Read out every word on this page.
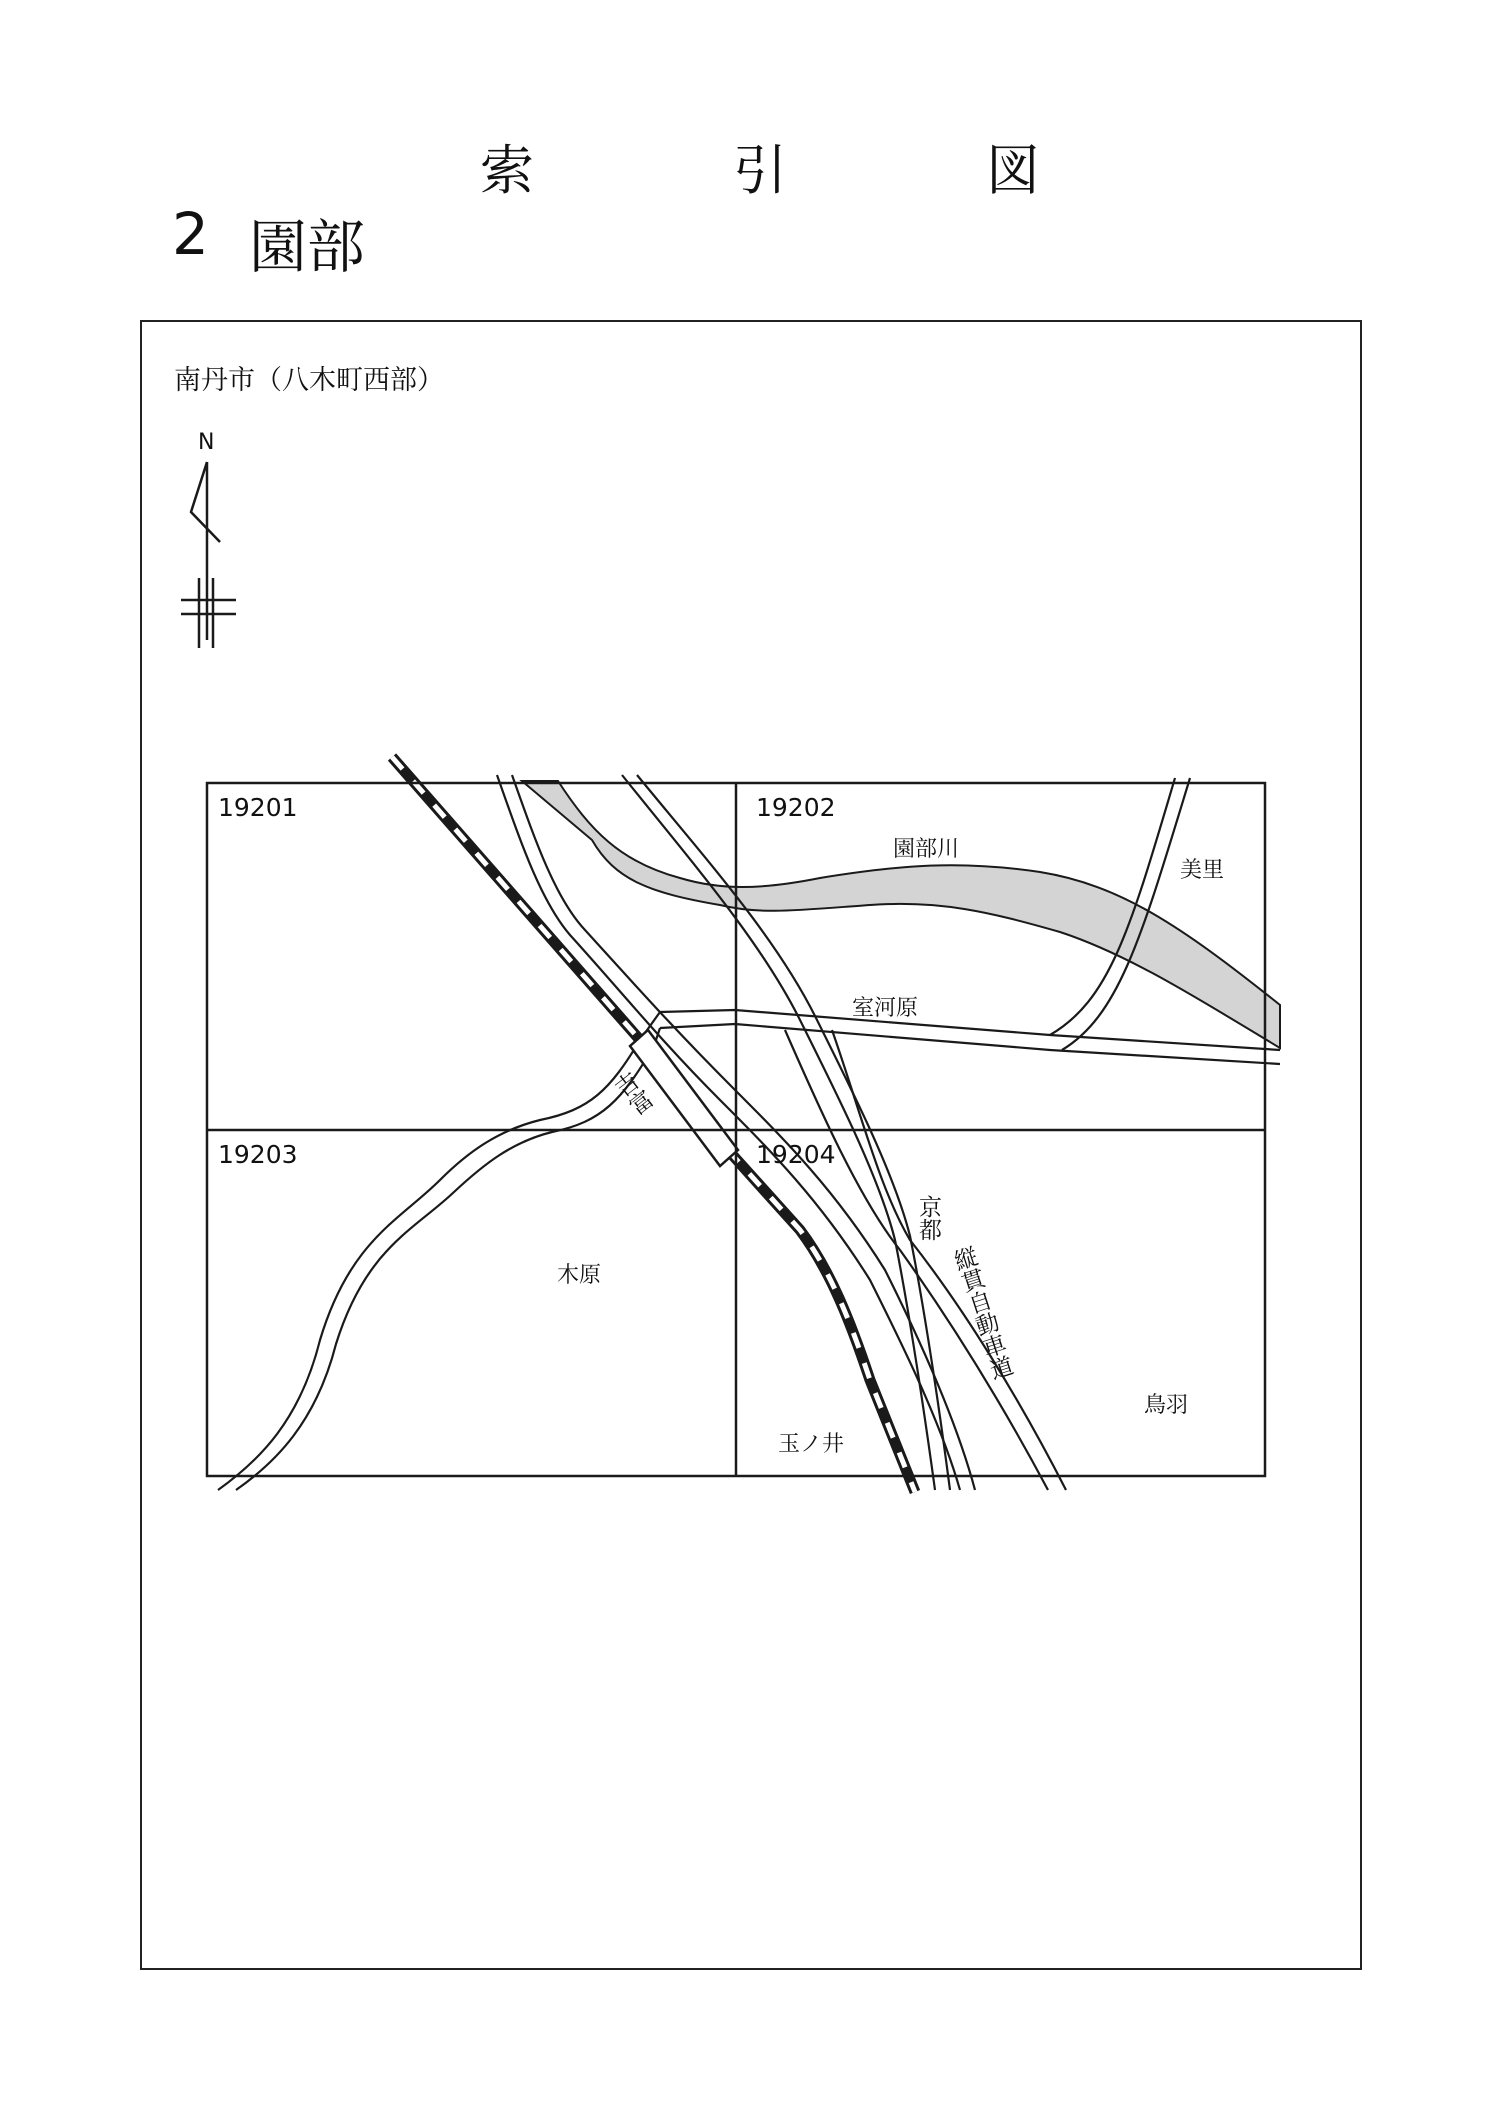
索	引	図
2 園部
南丹市（八木町西部）
N
19201	19202
19203	19204
園部川
美里
室河原
木原
玉ノ井
鳥羽
吉富
京都
縦貫自動車道
